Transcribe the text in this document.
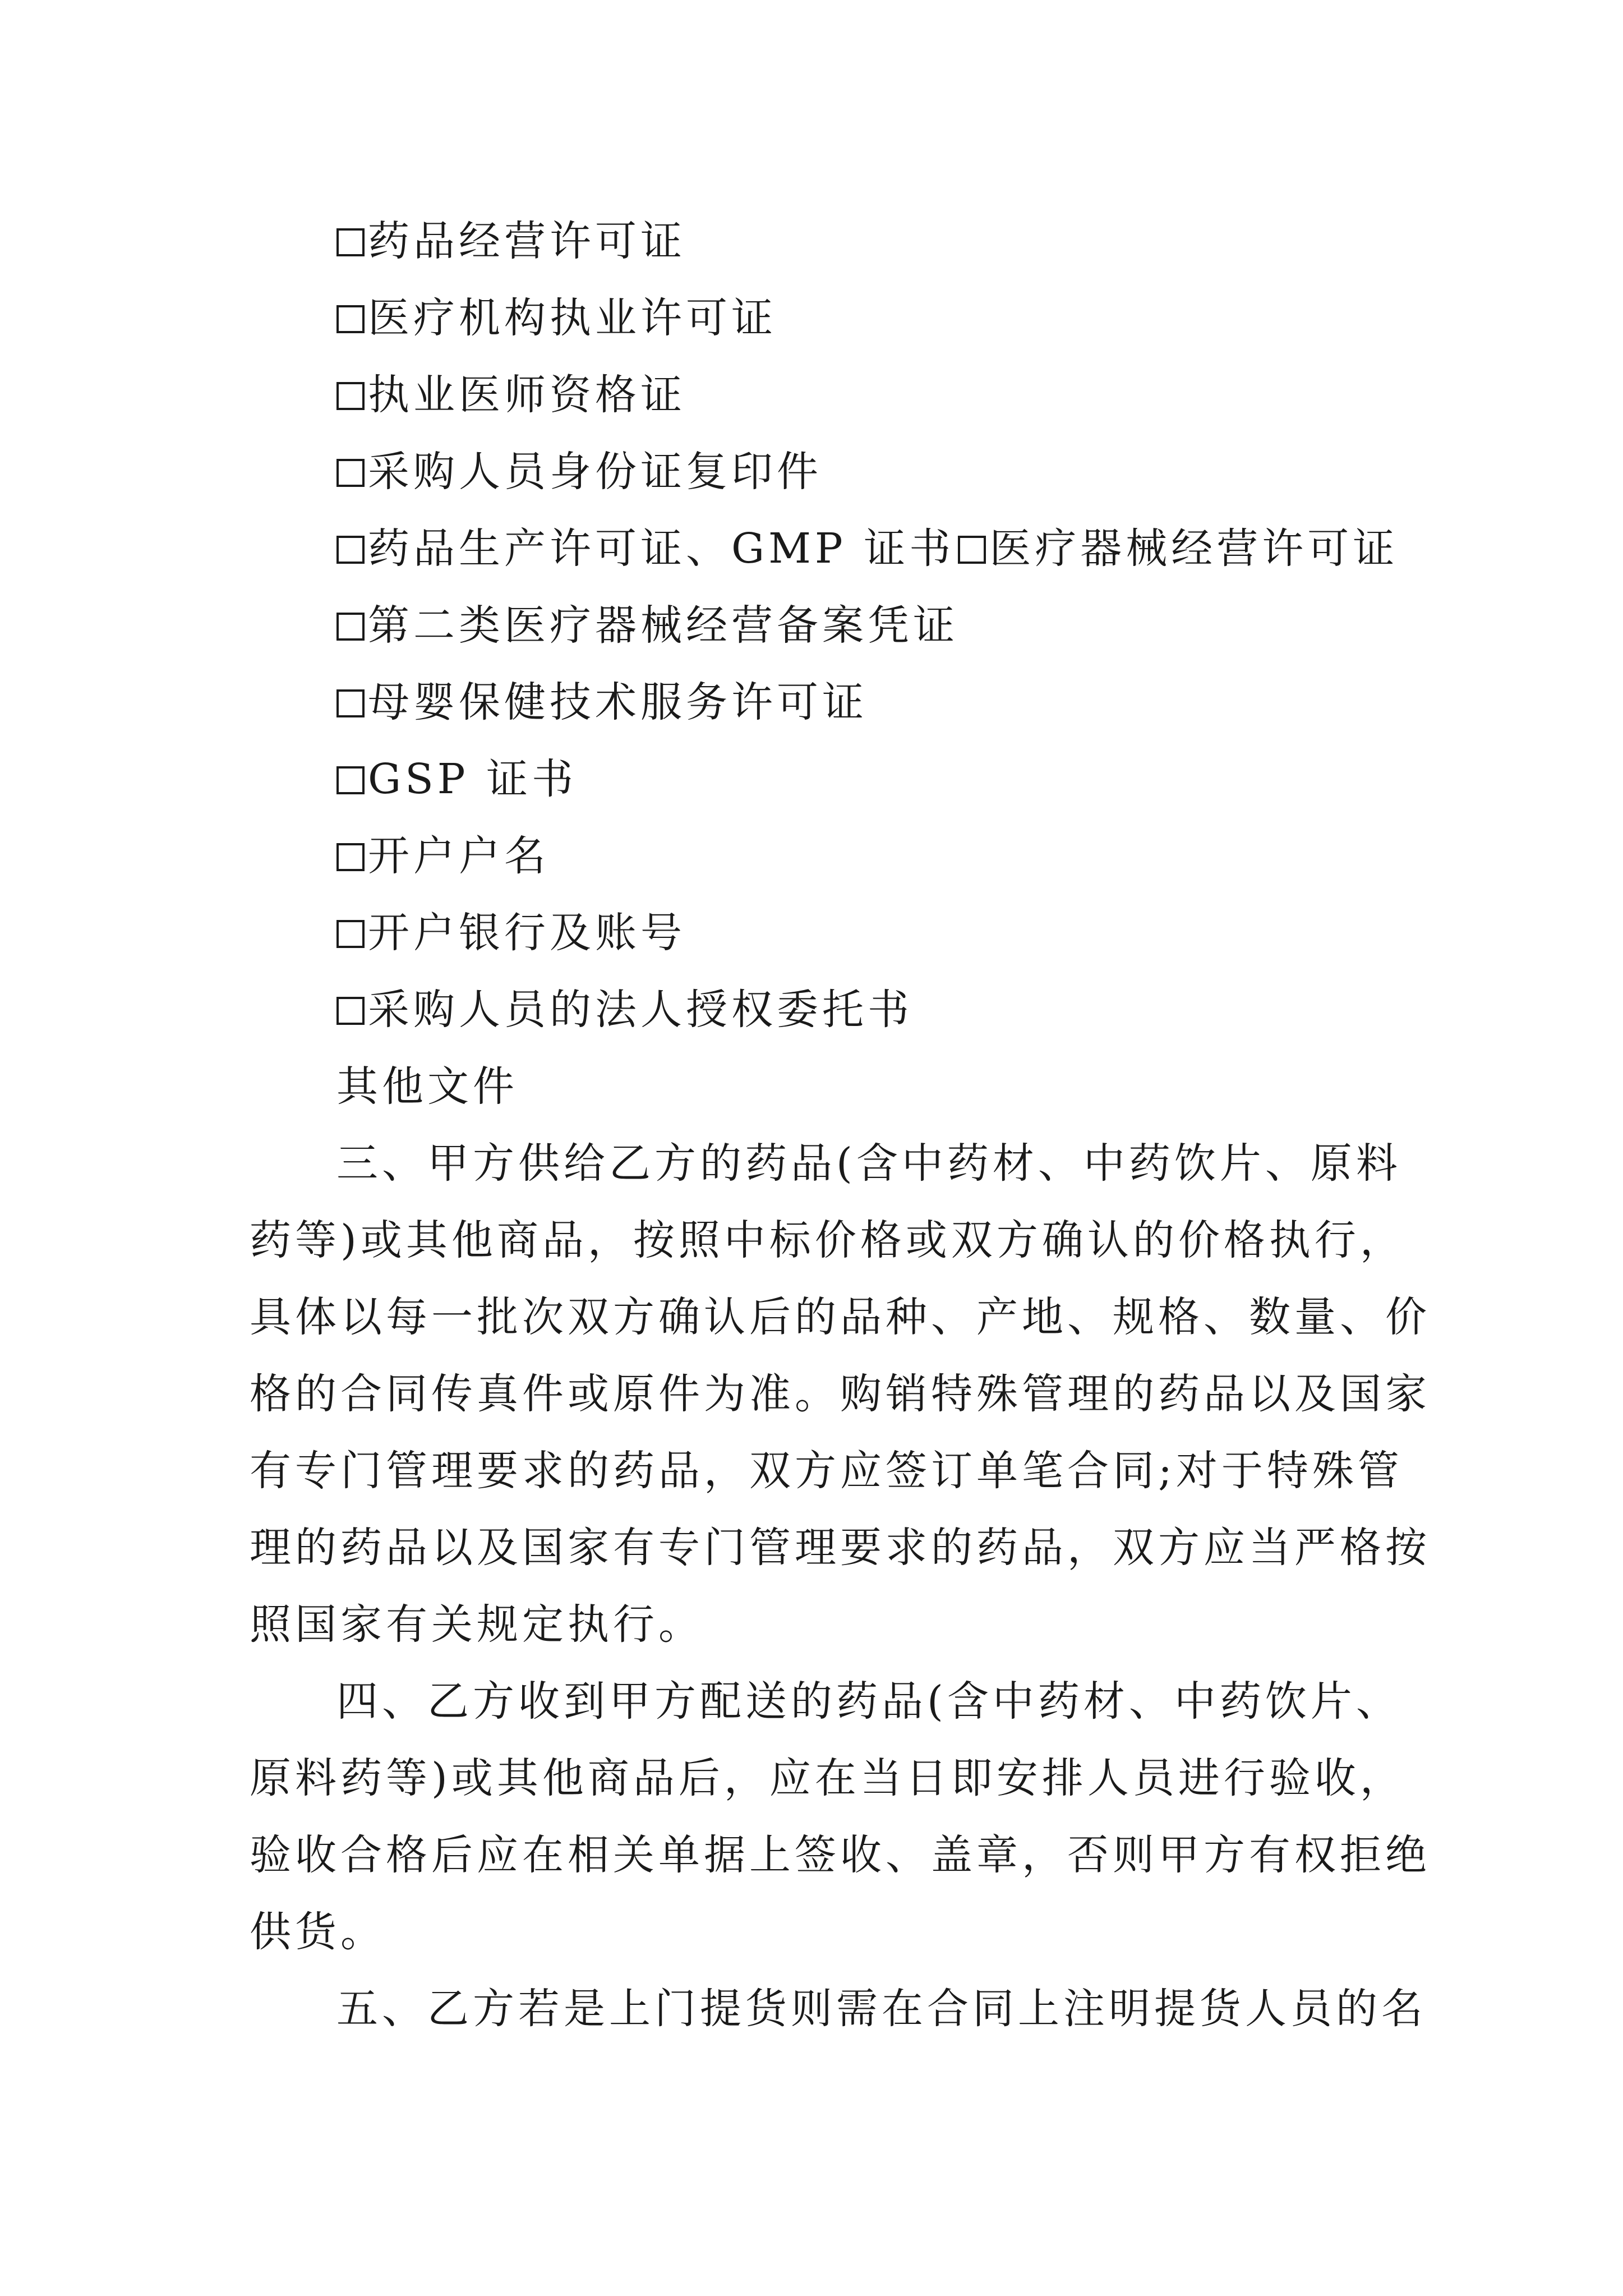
药品经营许可证
医疗机构执业许可证
执业医师资格证
采购人员身份证复印件
药品生产许可证、GMP 证书 医疗器械经营许可证
第二类医疗器械经营备案凭证
母婴保健技术服务许可证
GSP 证书
开户户名
开户银行及账号
采购人员的法人授权委托书
其他文件
三、甲方供给乙方的药品(含中药材、中药饮片、原料
药等)或其他商品，按照中标价格或双方确认的价格执行，
具体以每一批次双方确认后的品种、产地、规格、数量、价
格的合同传真件或原件为准。购销特殊管理的药品以及国家
有专门管理要求的药品，双方应签订单笔合同;对于特殊管
理的药品以及国家有专门管理要求的药品，双方应当严格按
照国家有关规定执行。
四、乙方收到甲方配送的药品(含中药材、中药饮片、
原料药等)或其他商品后，应在当日即安排人员进行验收，
验收合格后应在相关单据上签收、盖章，否则甲方有权拒绝
供货。
五、乙方若是上门提货则需在合同上注明提货人员的名
